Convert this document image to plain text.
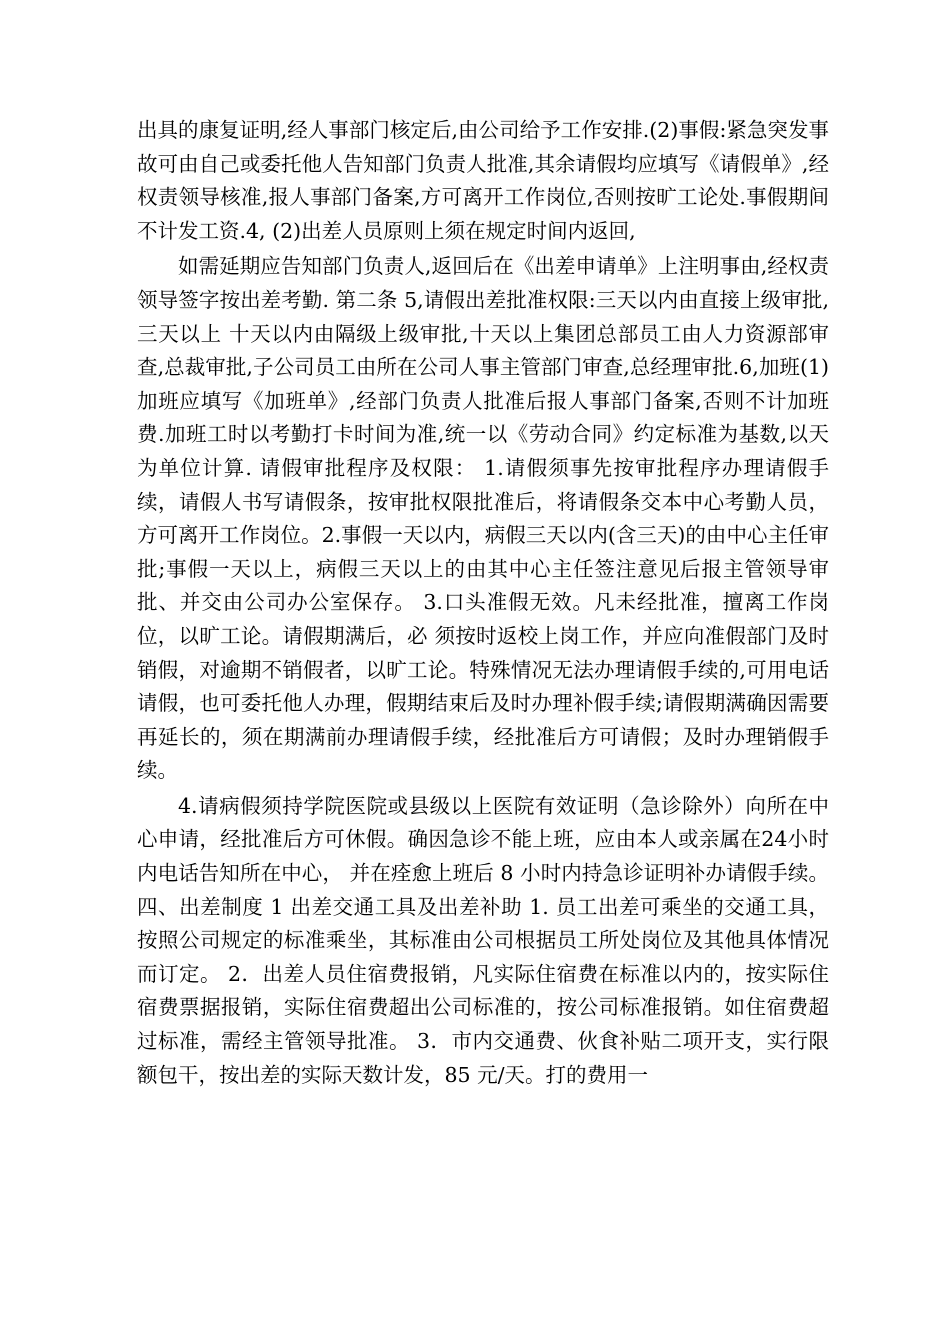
出具的康复证明,经人事部门核定后,由公司给予工作安排.(2)事假:紧急突发事故可由自己或委托他人告知部门负责人批准,其余请假均应填写《请假单》,经权责领导核准,报人事部门备案,方可离开工作岗位,否则按旷工论处.事假期间不计发工资.4, (2)出差人员原则上须在规定时间内返回,

如需延期应告知部门负责人,返回后在《出差申请单》上注明事由,经权责领导签字按出差考勤. 第二条 5,请假出差批准权限:三天以内由直接上级审批,三天以上 十天以内由隔级上级审批,十天以上集团总部员工由人力资源部审查,总裁审批,子公司员工由所在公司人事主管部门审查,总经理审批.6,加班(1)加班应填写《加班单》,经部门负责人批准后报人事部门备案,否则不计加班费.加班工时以考勤打卡时间为准,统一以《劳动合同》约定标准为基数,以天为单位计算. 请假审批程序及权限： 1.请假须事先按审批程序办理请假手续，请假人书写请假条，按审批权限批准后，将请假条交本中心考勤人员，方可离开工作岗位。2.事假一天以内，病假三天以内(含三天)的由中心主任审批;事假一天以上，病假三天以上的由其中心主任签注意见后报主管领导审批、并交由公司办公室保存。 3.口头准假无效。凡未经批准，擅离工作岗位，以旷工论。请假期满后，必 须按时返校上岗工作，并应向准假部门及时销假，对逾期不销假者，以旷工论。特殊情况无法办理请假手续的,可用电话请假，也可委托他人办理，假期结束后及时办理补假手续;请假期满确因需要再延长的，须在期满前办理请假手续，经批准后方可请假；及时办理销假手续。

4.请病假须持学院医院或县级以上医院有效证明（急诊除外）向所在中心申请，经批准后方可休假。确因急诊不能上班，应由本人或亲属在24小时内电话告知所在中心， 并在痊愈上班后 8 小时内持急诊证明补办请假手续。四、出差制度 1 出差交通工具及出差补助 1. 员工出差可乘坐的交通工具，按照公司规定的标准乘坐，其标准由公司根据员工所处岗位及其他具体情况而订定。 2．出差人员住宿费报销，凡实际住宿费在标准以内的，按实际住宿费票据报销，实际住宿费超出公司标准的，按公司标准报销。如住宿费超过标准，需经主管领导批准。 3．市内交通费、伙食补贴二项开支，实行限额包干，按出差的实际天数计发，85 元/天。打的费用一
